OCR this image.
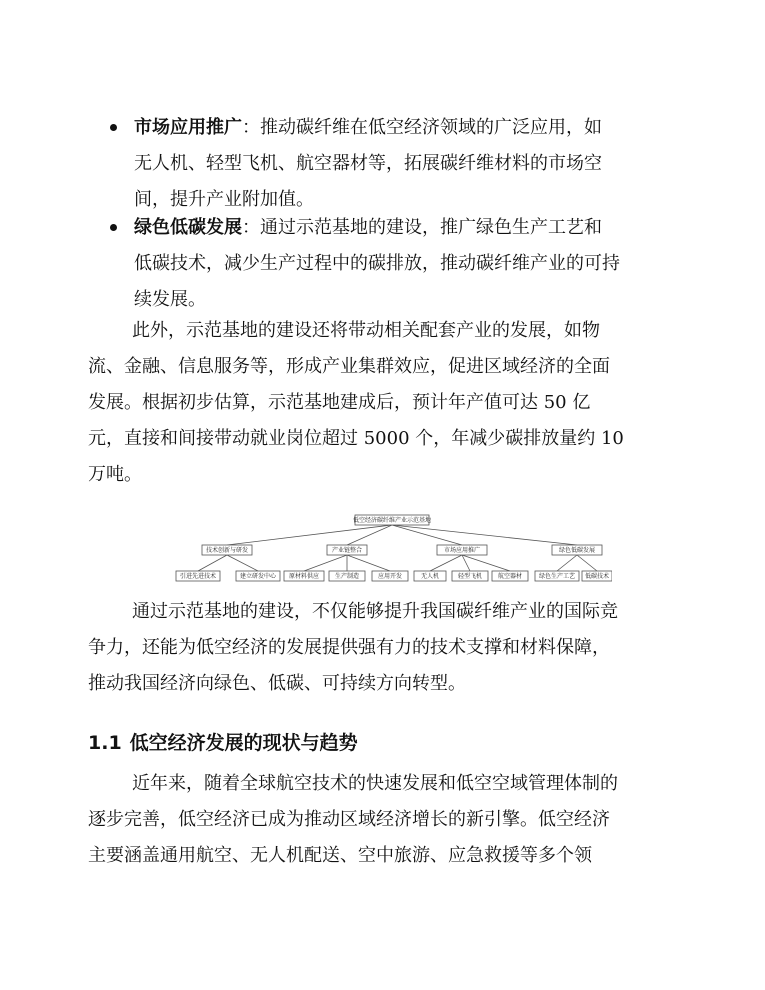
市场应用推广：推动碳纤维在低空经济领域的广泛应用，如
无人机、轻型飞机、航空器材等，拓展碳纤维材料的市场空
间，提升产业附加值。
绿色低碳发展：通过示范基地的建设，推广绿色生产工艺和
低碳技术，减少生产过程中的碳排放，推动碳纤维产业的可持
续发展。
此外，示范基地的建设还将带动相关配套产业的发展，如物
流、金融、信息服务等，形成产业集群效应，促进区域经济的全面
发展。根据初步估算，示范基地建成后，预计年产值可达 50 亿
元，直接和间接带动就业岗位超过 5000 个，年减少碳排放量约 10
万吨。
低空经济碳纤维产业示范基地
技术创新与研发	产业链整合	市场应用推广	绿色低碳发展
引进先进技术	建立研发中心 原材料供应	生产制造	应用开发	无人机	轻型飞机	航空器材	绿色生产工艺 低碳技术
通过示范基地的建设，不仅能够提升我国碳纤维产业的国际竞
争力，还能为低空经济的发展提供强有力的技术支撑和材料保障，
推动我国经济向绿色、低碳、可持续方向转型。
1.1 低空经济发展的现状与趋势
近年来，随着全球航空技术的快速发展和低空空域管理体制的
逐步完善，低空经济已成为推动区域经济增长的新引擎。低空经济
主要涵盖通用航空、无人机配送、空中旅游、应急救援等多个领
